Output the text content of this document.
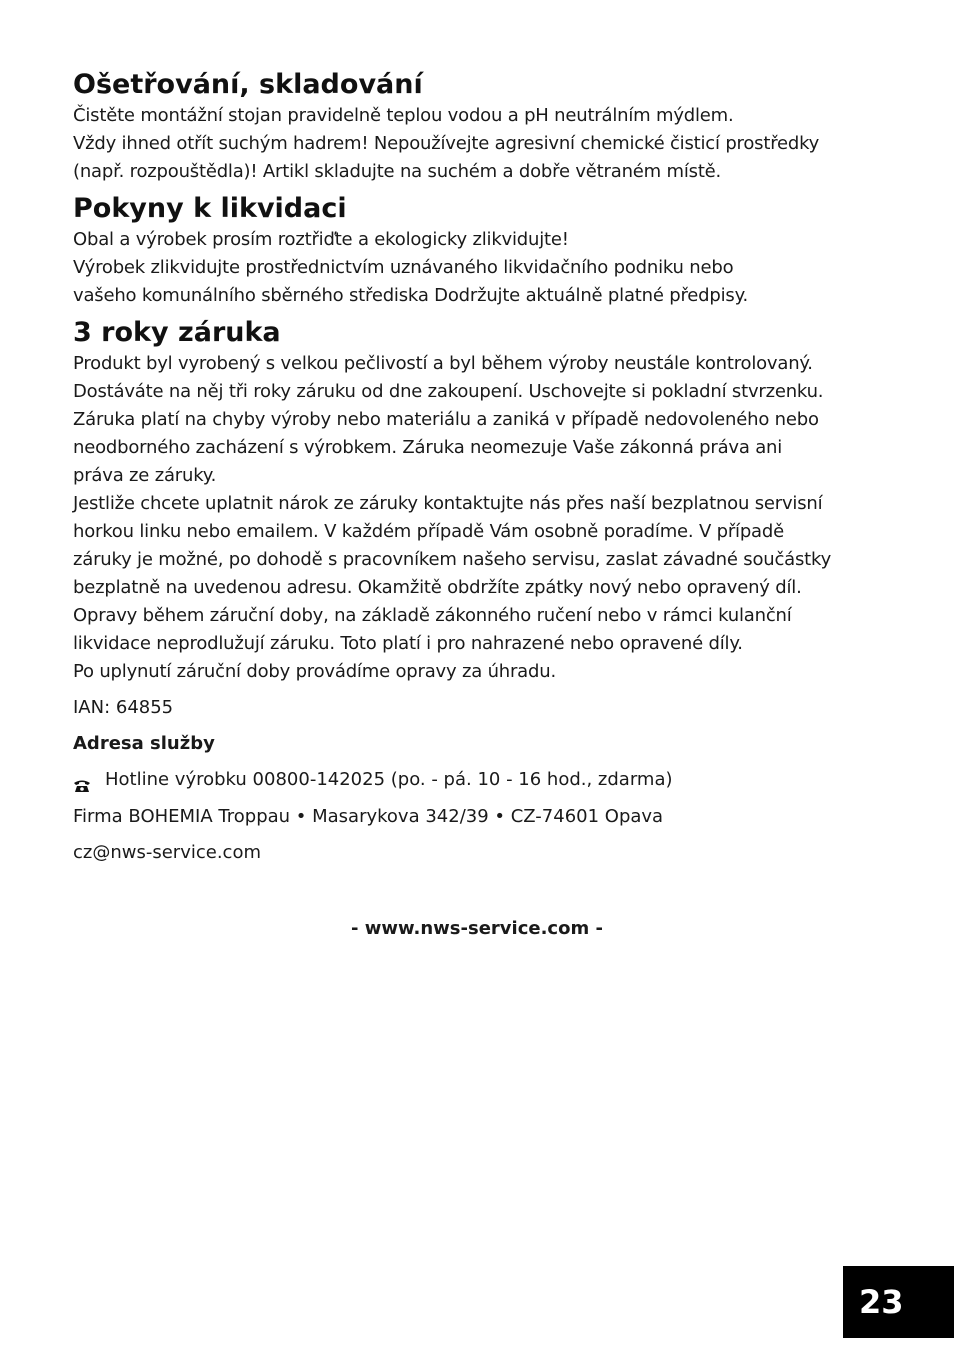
Ošetřování, skladování

Čistěte montážní stojan pravidelně teplou vodou a pH neutrálním mýdlem.
Vždy ihned otřít suchým hadrem! Nepoužívejte agresivní chemické čisticí prostředky
(např. rozpouštědla)! Artikl skladujte na suchém a dobře větraném místě.

Pokyny k likvidaci

Obal a výrobek prosím roztřiďte a ekologicky zlikvidujte!
Výrobek zlikvidujte prostřednictvím uznávaného likvidačního podniku nebo
vašeho komunálního sběrného střediska Dodržujte aktuálně platné předpisy.

3 roky záruka

Produkt byl vyrobený s velkou pečlivostí a byl během výroby neustále kontrolovaný.
Dostáváte na něj tři roky záruku od dne zakoupení. Uschovejte si pokladní stvrzenku.
Záruka platí na chyby výroby nebo materiálu a zaniká v případě nedovoleného nebo
neodborného zacházení s výrobkem. Záruka neomezuje Vaše zákonná práva ani
práva ze záruky.
Jestliže chcete uplatnit nárok ze záruky kontaktujte nás přes naší bezplatnou servisní
horkou linku nebo emailem. V každém případě Vám osobně poradíme. V případě
záruky je možné, po dohodě s pracovníkem našeho servisu, zaslat závadné součástky
bezplatně na uvedenou adresu. Okamžitě obdržíte zpátky nový nebo opravený díl.
Opravy během záruční doby, na základě zákonného ručení nebo v rámci kulanční
likvidace neprodlužují záruku. Toto platí i pro nahrazené nebo opravené díly.
Po uplynutí záruční doby provádíme opravy za úhradu.

IAN: 64855
Adresa služby
Hotline výrobku 00800-142025 (po. - pá. 10 - 16 hod., zdarma)
Firma BOHEMIA Troppau • Masarykova 342/39 • CZ-74601 Opava
cz@nws-service.com
- www.nws-service.com -
23
